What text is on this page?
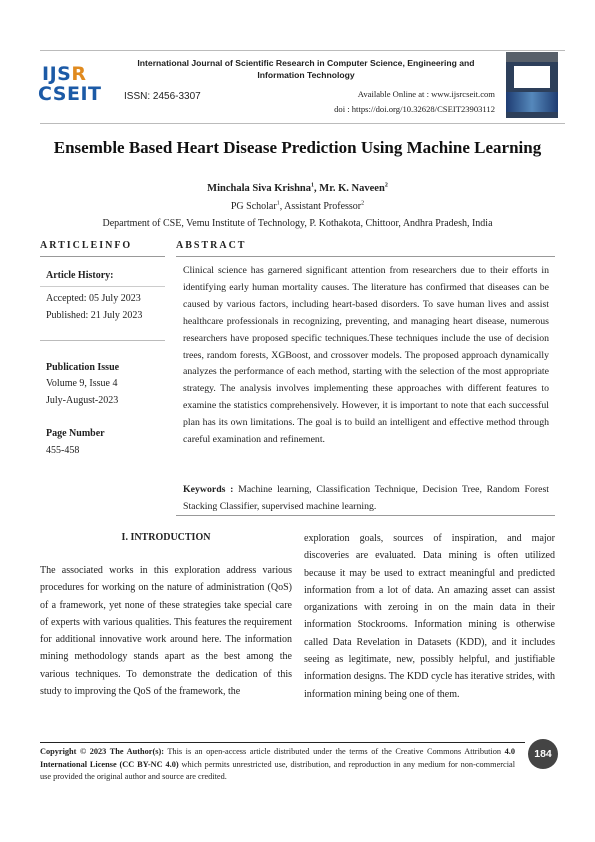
IJSR
CSEIT
International Journal of Scientific Research in Computer Science, Engineering and Information Technology
ISSN: 2456-3307	Available Online at : www.ijsrcseit.com
doi : https://doi.org/10.32628/CSEIT23903112
Ensemble Based Heart Disease Prediction Using Machine Learning
Minchala Siva Krishna$^1$, Mr. K. Naveen$^2$
PG Scholar$^1$, Assistant Professor$^2$
Department of CSE, Vemu Institute of Technology, P. Kothakota, Chittoor, Andhra Pradesh, India
ARTICLEINFO
Article History:
Accepted: 05 July 2023
Published: 21 July 2023
Publication Issue
Volume 9, Issue 4
July-August-2023
Page Number
455-458
ABSTRACT
Clinical science has garnered significant attention from researchers due to their efforts in identifying early human mortality causes. The literature has confirmed that diseases can be caused by various factors, including heart-based disorders. To save human lives and assist healthcare professionals in recognizing, preventing, and managing heart disease, numerous researchers have proposed specific techniques.These techniques include the use of decision trees, random forests, XGBoost, and crossover models. The proposed approach dynamically analyzes the performance of each method, starting with the selection of the most appropriate strategy. The analysis involves implementing these approaches with different features to examine the statistics comprehensively. However, it is important to note that each successful plan has its own limitations. The goal is to build an intelligent and effective method through careful examination and refinement.
Keywords : Machine learning, Classification Technique, Decision Tree, Random Forest Stacking Classifier, supervised machine learning.
I. INTRODUCTION
The associated works in this exploration address various procedures for working on the nature of administration (QoS) of a framework, yet none of these strategies take special care of experts with various qualities. This features the requirement for additional innovative work around here. The information mining methodology stands apart as the best among the various techniques. To demonstrate the dedication of this study to improving the QoS of the framework, the
exploration goals, sources of inspiration, and major discoveries are evaluated. Data mining is often utilized because it may be used to extract meaningful and predicted information from a lot of data. An amazing asset can assist organizations with zeroing in on the main data in their information Stockrooms. Information mining is otherwise called Data Revelation in Datasets (KDD), and it includes seeing as legitimate, new, possibly helpful, and justifiable information designs. The KDD cycle has iterative strides, with information mining being one of them.
Copyright © 2023 The Author(s): This is an open-access article distributed under the terms of the Creative Commons Attribution 4.0 International License (CC BY-NC 4.0) which permits unrestricted use, distribution, and reproduction in any medium for non-commercial use provided the original author and source are credited.
184
